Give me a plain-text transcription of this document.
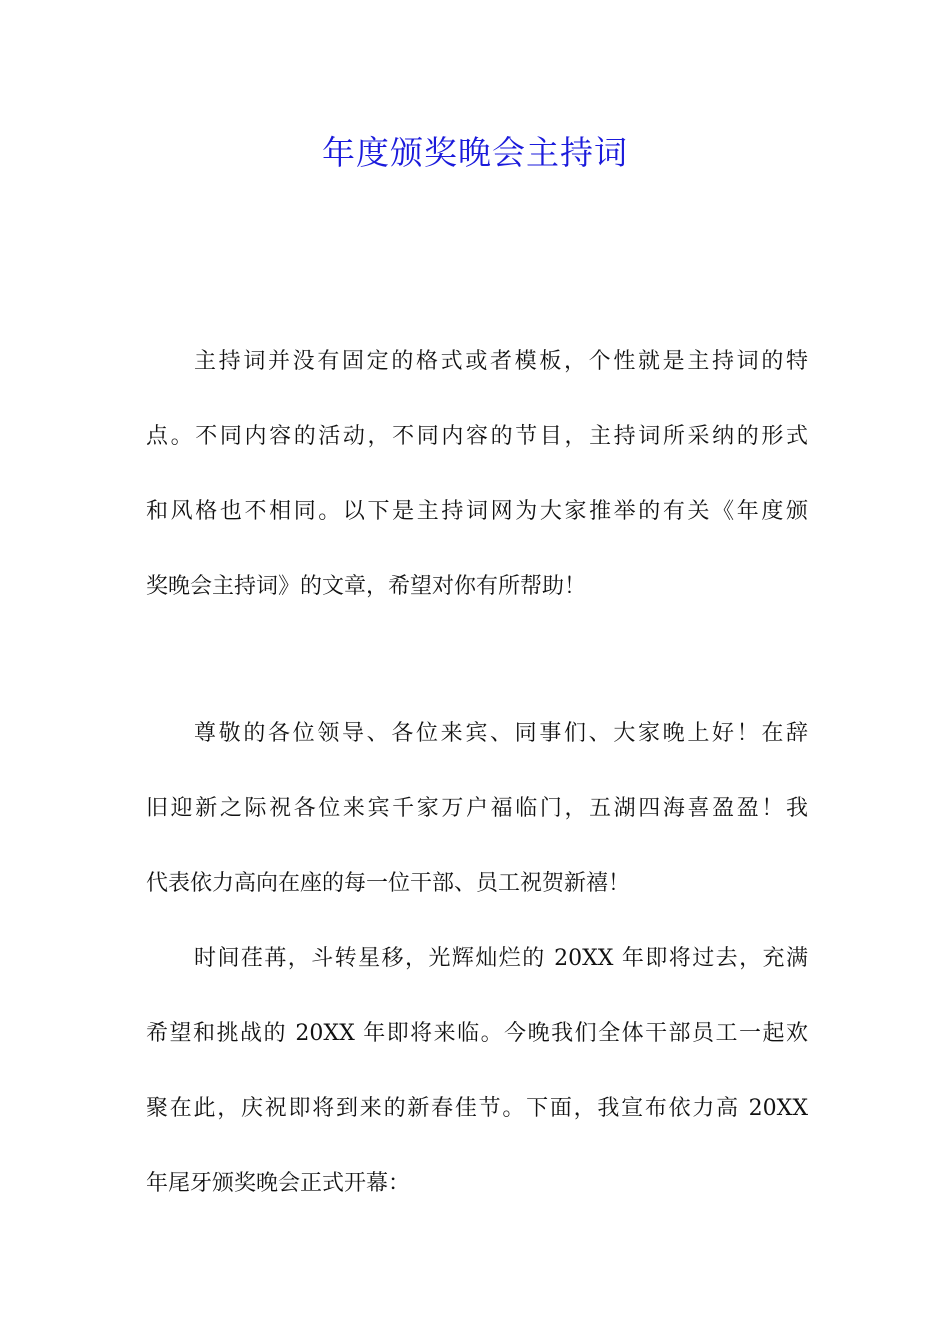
年度颁奖晚会主持词
主持词并没有固定的格式或者模板，个性就是主持词的特
点。不同内容的活动，不同内容的节目，主持词所采纳的形式
和风格也不相同。以下是主持词网为大家推举的有关《年度颁
奖晚会主持词》的文章，希望对你有所帮助！
尊敬的各位领导、各位来宾、同事们、大家晚上好！在辞
旧迎新之际祝各位来宾千家万户福临门，五湖四海喜盈盈！我
代表依力高向在座的每一位干部、员工祝贺新禧！
时间荏苒，斗转星移，光辉灿烂的 20XX 年即将过去，充满
希望和挑战的 20XX 年即将来临。今晚我们全体干部员工一起欢
聚在此，庆祝即将到来的新春佳节。下面，我宣布依力高 20XX
年尾牙颁奖晚会正式开幕：
